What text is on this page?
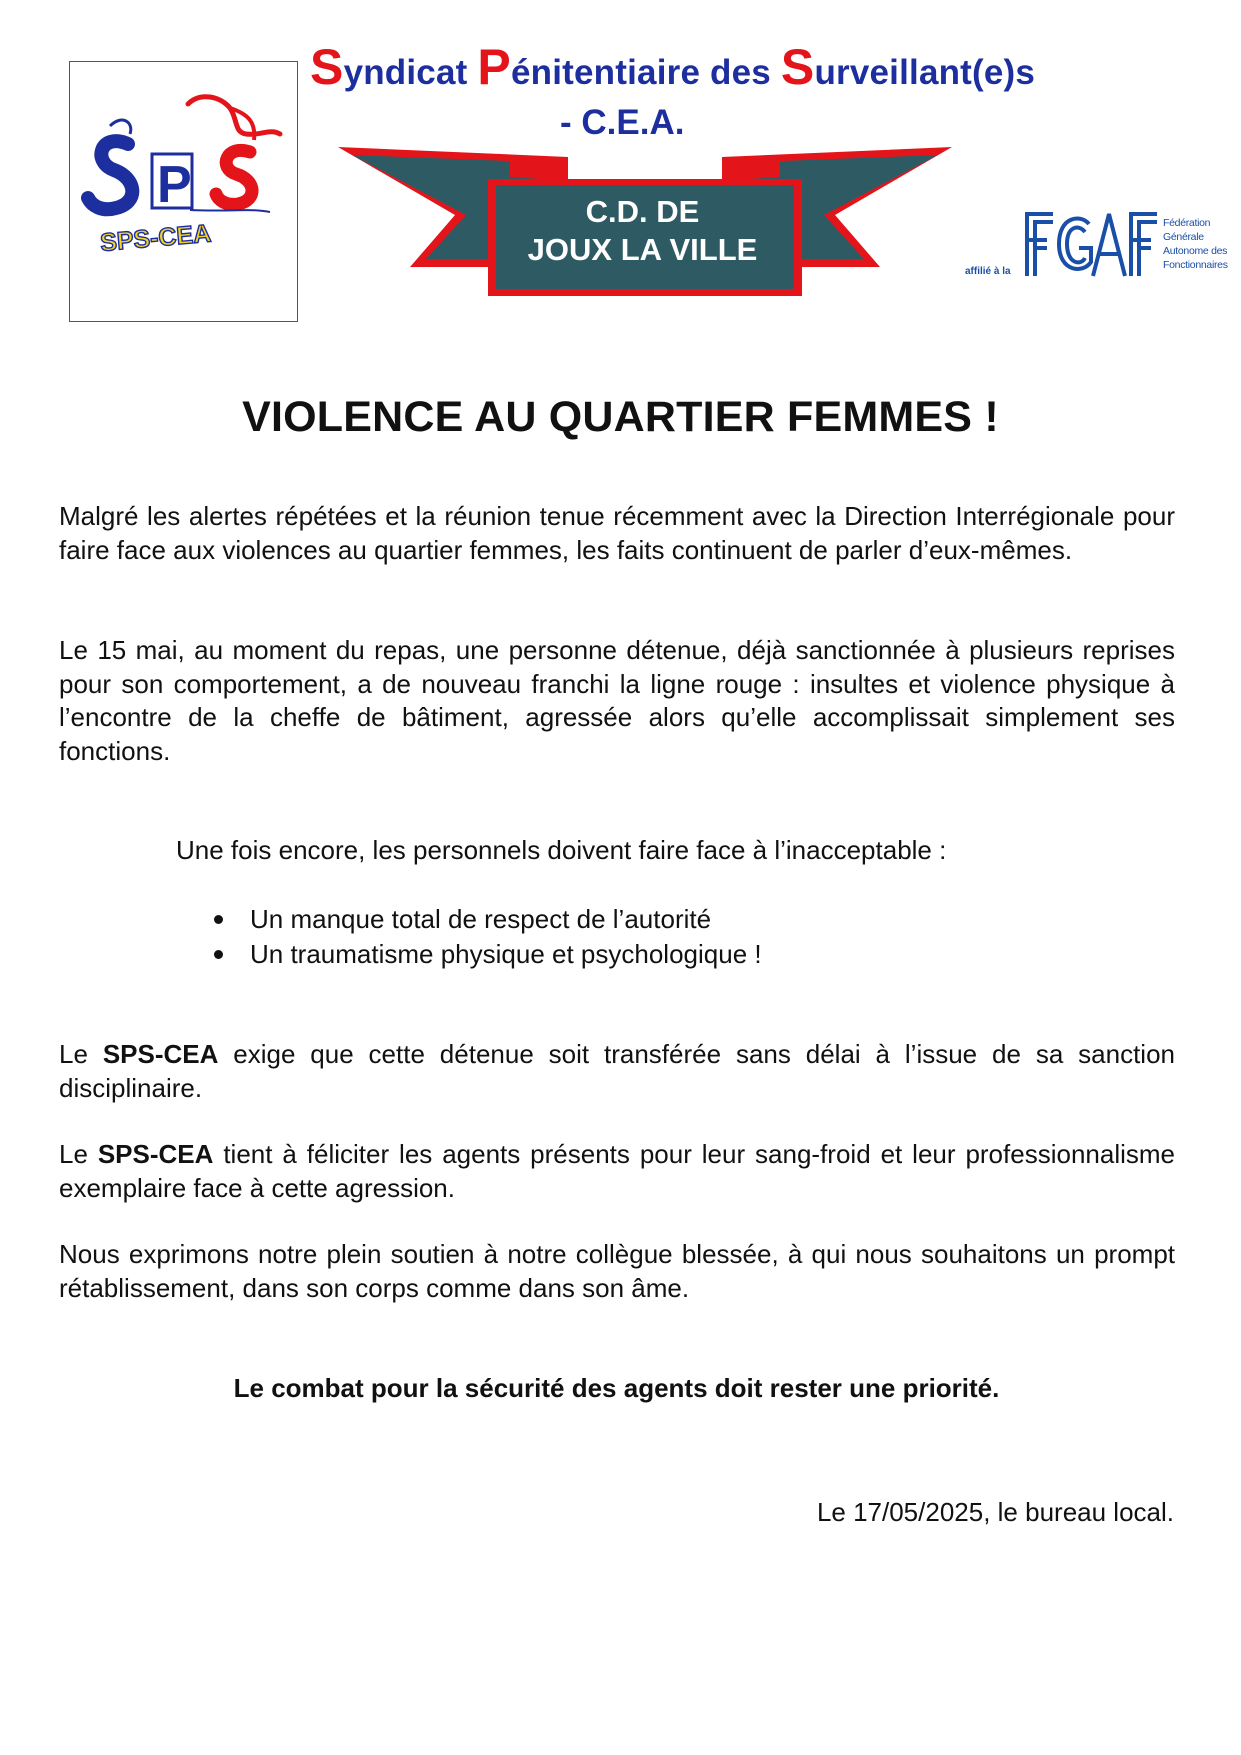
P
SPS-CEA
Syndicat Pénitentiaire des Surveillant(e)s
- C.E.A.
C.D. DE
JOUX LA VILLE
affilié à la
Fédération
Générale
Autonome des
Fonctionnaires
VIOLENCE AU QUARTIER FEMMES !
Malgré les alertes répétées et la réunion tenue récemment avec la Direction Interrégionale pour faire face aux violences au quartier femmes, les faits continuent de parler d’eux-mêmes.
Le 15 mai, au moment du repas, une personne détenue, déjà sanctionnée à plusieurs reprises pour son comportement, a de nouveau franchi la ligne rouge : insultes et violence physique à l’encontre de la cheffe de bâtiment, agressée alors qu’elle accomplissait simplement ses fonctions.
Une fois encore, les personnels doivent faire face à l’inacceptable :
Un manque total de respect de l’autorité
Un traumatisme physique et psychologique !
Le SPS-CEA exige que cette détenue soit transférée sans délai à l’issue de sa sanction disciplinaire.
Le SPS-CEA tient à féliciter les agents présents pour leur sang-froid et leur professionnalisme exemplaire face à cette agression.
Nous exprimons notre plein soutien à notre collègue blessée, à qui nous souhaitons un prompt rétablissement, dans son corps comme dans son âme.
Le combat pour la sécurité des agents doit rester une priorité.
Le 17/05/2025, le bureau local.
